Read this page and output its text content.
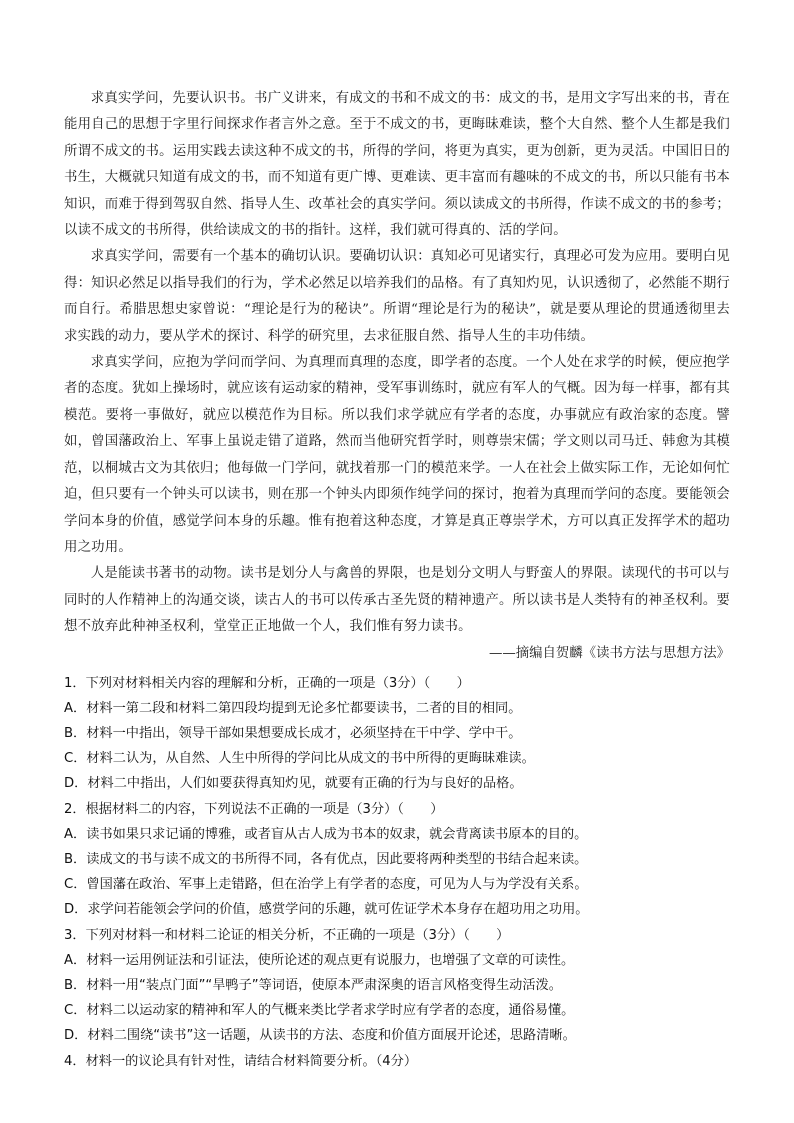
求真实学问，先要认识书。书广义讲来，有成文的书和不成文的书：成文的书，是用文字写出来的书，青在能用自己的思想于字里行间探求作者言外之意。至于不成文的书，更晦昧难读，整个大自然、整个人生都是我们所谓不成文的书。运用实践去读这种不成文的书，所得的学问，将更为真实，更为创新，更为灵活。中国旧日的书生，大概就只知道有成文的书，而不知道有更广博、更难读、更丰富而有趣味的不成文的书，所以只能有书本知识，而难于得到驾驭自然、指导人生、改革社会的真实学问。须以读成文的书所得，作读不成文的书的参考；以读不成文的书所得，供给读成文的书的指针。这样，我们就可得真的、活的学问。

求真实学问，需要有一个基本的确切认识。要确切认识：真知必可见诸实行，真理必可发为应用。要明白见得：知识必然足以指导我们的行为，学术必然足以培养我们的品格。有了真知灼见，认识透彻了，必然能不期行而自行。希腊思想史家曾说：“理论是行为的秘诀”。所谓“理论是行为的秘诀”，就是要从理论的贯通透彻里去求实践的动力，要从学术的探讨、科学的研究里，去求征服自然、指导人生的丰功伟绩。

求真实学问，应抱为学问而学问、为真理而真理的态度，即学者的态度。一个人处在求学的时候，便应抱学者的态度。犹如上操场时，就应该有运动家的精神，受军事训练时，就应有军人的气概。因为每一样事，都有其模范。要将一事做好，就应以模范作为目标。所以我们求学就应有学者的态度，办事就应有政治家的态度。譬如，曾国藩政治上、军事上虽说走错了道路，然而当他研究哲学时，则尊崇宋儒；学文则以司马迁、韩愈为其模范，以桐城古文为其依归；他每做一门学问，就找着那一门的模范来学。一人在社会上做实际工作，无论如何忙迫，但只要有一个钟头可以读书，则在那一个钟头内即须作纯学问的探讨，抱着为真理而学问的态度。要能领会学问本身的价值，感觉学问本身的乐趣。惟有抱着这种态度，才算是真正尊崇学术，方可以真正发挥学术的超功用之功用。

人是能读书著书的动物。读书是划分人与禽兽的界限，也是划分文明人与野蛮人的界限。读现代的书可以与同时的人作精神上的沟通交谈，读古人的书可以传承古圣先贤的精神遗产。所以读书是人类特有的神圣权利。要想不放弃此种神圣权利，堂堂正正地做一个人，我们惟有努力读书。

——摘编自贺麟《读书方法与思想方法》

1．下列对材料相关内容的理解和分析，正确的一项是（3分）（　　）

A．材料一第二段和材料二第四段均提到无论多忙都要读书，二者的目的相同。

B．材料一中指出，领导干部如果想要成长成才，必须坚持在干中学、学中干。

C．材料二认为，从自然、人生中所得的学问比从成文的书中所得的更晦昧难读。

D．材料二中指出，人们如要获得真知灼见，就要有正确的行为与良好的品格。

2．根据材料二的内容，下列说法不正确的一项是（3分）（　　）

A．读书如果只求记诵的博雅，或者盲从古人成为书本的奴隶，就会背离读书原本的目的。

B．读成文的书与读不成文的书所得不同，各有优点，因此要将两种类型的书结合起来读。

C．曾国藩在政治、军事上走错路，但在治学上有学者的态度，可见为人与为学没有关系。

D．求学问若能领会学问的价值，感赏学问的乐趣，就可佐证学术本身存在超功用之功用。

3．下列对材料一和材料二论证的相关分析，不正确的一项是（3分）（　　）

A．材料一运用例证法和引证法，使所论述的观点更有说服力，也增强了文章的可读性。

B．材料一用“装点门面”“旱鸭子”等词语，使原本严肃深奥的语言风格变得生动活泼。

C．材料二以运动家的精神和军人的气概来类比学者求学时应有学者的态度，通俗易懂。

D．材料二围绕“读书”这一话题，从读书的方法、态度和价值方面展开论述，思路清晰。

4．材料一的议论具有针对性，请结合材料简要分析。（4分）
